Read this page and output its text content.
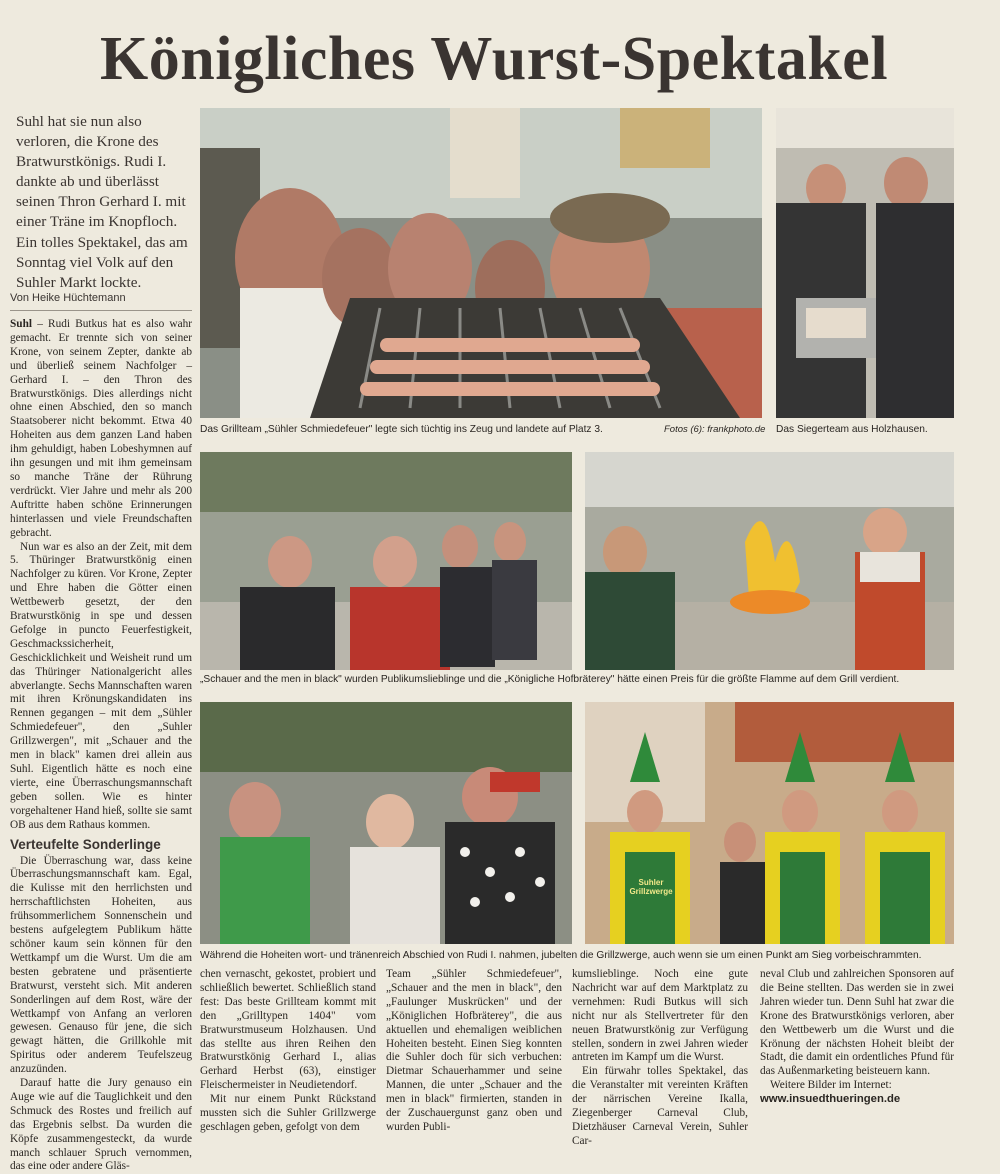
Königliches Wurst-Spektakel

Suhl hat sie nun also verloren, die Krone des Bratwurstkönigs. Rudi I. dankte ab und überlässt seinen Thron Gerhard I. mit einer Träne im Knopfloch. Ein tolles Spektakel, das am Sonntag viel Volk auf den Suhler Markt lockte.

Von Heike Hüchtemann

Suhl – Rudi Butkus hat es also wahr gemacht. Er trennte sich von seiner Krone, von seinem Zepter, dankte ab und überließ seinem Nachfolger – Gerhard I. – den Thron des Bratwurstkönigs. Dies allerdings nicht ohne einen Abschied, den so manch Staatsoberer nicht bekommt. Etwa 40 Hoheiten aus dem ganzen Land haben ihm gehuldigt, haben Lobeshymnen auf ihn gesungen und mit ihm gemeinsam so manche Träne der Rührung verdrückt. Vier Jahre und mehr als 200 Auftritte haben schöne Erinnerungen hinterlassen und viele Freundschaften gebracht.

Nun war es also an der Zeit, mit dem 5. Thüringer Bratwurstkönig einen Nachfolger zu küren. Vor Krone, Zepter und Ehre haben die Götter einen Wettbewerb gesetzt, der den Bratwurstkönig in spe und dessen Gefolge in puncto Feuerfestigkeit, Geschmackssicherheit, Geschicklichkeit und Weisheit rund um das Thüringer Nationalgericht alles abverlangte. Sechs Mannschaften waren mit ihren Krönungskandidaten ins Rennen gegangen – mit dem „Sühler Schmiedefeuer", den „Suhler Grillzwergen", mit „Schauer and the men in black" kamen drei allein aus Suhl. Eigentlich hätte es noch eine vierte, eine Überraschungsmannschaft geben sollen. Wie es hinter vorgehaltener Hand hieß, sollte sie samt OB aus dem Rathaus kommen.

Verteufelte Sonderlinge

Die Überraschung war, dass keine Überraschungsmannschaft kam. Egal, die Kulisse mit den herrlichsten und herrschaftlichsten Hoheiten, aus frühsommerlichem Sonnenschein und bestens aufgelegtem Publikum hätte schöner kaum sein können für den Wettkampf um die Wurst. Um die am besten gebratene und präsentierte Bratwurst, versteht sich. Mit anderen Sonderlingen auf dem Rost, wäre der Wettkampf von Anfang an verloren gewesen. Genauso für jene, die sich gewagt hätten, die Grillkohle mit Spiritus oder anderem Teufelszeug anzuzünden.

Darauf hatte die Jury genauso ein Auge wie auf die Tauglichkeit und den Schmuck des Rostes und freilich auf das Ergebnis selbst. Da wurden die Köpfe zusammengesteckt, da wurde manch schlauer Spruch vernommen, das eine oder andere Gläs-

Das Grillteam „Sühler Schmiedefeuer" legte sich tüchtig ins Zeug und landete auf Platz 3.	Fotos (6): frankphoto.de Das Siegerteam aus Holzhausen.
„Schauer and the men in black" wurden Publikumslieblinge und die „Königliche Hofbräterey" hätte einen Preis für die größte Flamme auf dem Grill verdient.
Suhler Grillzwerge
Während die Hoheiten wort- und tränenreich Abschied von Rudi I. nahmen, jubelten die Grillzwerge, auch wenn sie um einen Punkt am Sieg vorbeischrammten.

chen vernascht, gekostet, probiert und schließlich bewertet. Schließlich stand fest: Das beste Grillteam kommt mit den „Grilltypen 1404" vom Bratwurstmuseum Holzhausen. Und das stellte aus ihren Reihen den Bratwurstkönig Gerhard I., alias Gerhard Herbst (63), einstiger Fleischermeister in Neudietendorf.

Mit nur einem Punkt Rückstand mussten sich die Suhler Grillzwerge geschlagen geben, gefolgt von dem

Team „Sühler Schmiedefeuer", „Schauer and the men in black", den „Faulunger Muskrücken" und der „Königlichen Hofbräterey", die aus aktuellen und ehemaligen weiblichen Hoheiten besteht. Einen Sieg konnten die Suhler doch für sich verbuchen: Dietmar Schauerhammer und seine Mannen, die unter „Schauer and the men in black" firmierten, standen in der Zuschauergunst ganz oben und wurden Publi-

kumslieblinge. Noch eine gute Nachricht war auf dem Marktplatz zu vernehmen: Rudi Butkus will sich nicht nur als Stellvertreter für den neuen Bratwurstkönig zur Verfügung stellen, sondern in zwei Jahren wieder antreten im Kampf um die Wurst.

Ein fürwahr tolles Spektakel, das die Veranstalter mit vereinten Kräften der närrischen Vereine Ikalla, Ziegenberger Carneval Club, Dietzhäuser Carneval Verein, Suhler Car-

neval Club und zahlreichen Sponsoren auf die Beine stellten. Das werden sie in zwei Jahren wieder tun. Denn Suhl hat zwar die Krone des Bratwurstkönigs verloren, aber den Wettbewerb um die Wurst und die Krönung der nächsten Hoheit bleibt der Stadt, die damit ein ordentliches Pfund für das Außenmarketing beisteuern kann.

Weitere Bilder im Internet:

www.insuedthueringen.de
